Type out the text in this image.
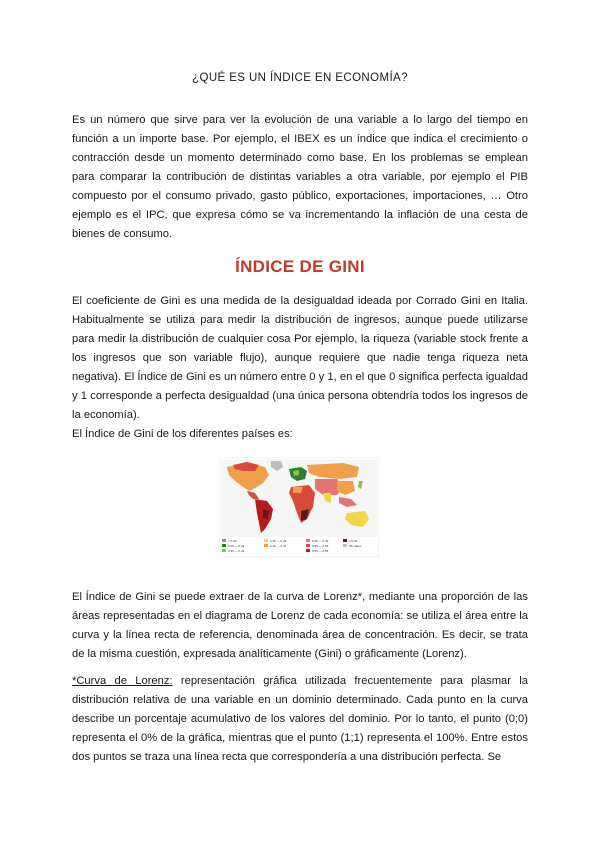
¿QUÉ ES UN ÍNDICE EN ECONOMÍA?

Es un número que sirve para ver la evolución de una variable a lo largo del tiempo en función a un importe base. Por ejemplo, el IBEX es un índice que indica el crecimiento o contracción desde un momento determinado como base. En los problemas se emplean para comparar la contribución de distintas variables a otra variable, por ejemplo el PIB compuesto por el consumo privado, gasto público, exportaciones, importaciones, … Otro ejemplo es el IPC, que expresa cómo se va incrementando la inflación de una cesta de bienes de consumo.

ÍNDICE DE GINI

El coeficiente de Gini es una medida de la desigualdad ideada por Corrado Gini en Italia. Habitualmente se utiliza para medir la distribución de ingresos, aunque puede utilizarse para medir la distribución de cualquier cosa Por ejemplo, la riqueza (variable stock frente a los ingresos que son variable flujo), aunque requiere que nadie tenga riqueza neta negativa). El Índice de Gini es un número entre 0 y 1, en el que 0 significa perfecta igualdad y 1 corresponde a perfecta desigualdad (una única persona obtendría todos los ingresos de la economía).

El Índice de Gini de los diferentes países es:

< 0,25
0,25 — 0,29
0,30 — 0,34
0,35 — 0,39
0,40 — 0,44
0,45 — 0,49
0,50 — 0,54
0,55 — 0,59
≥ 0,60
Sin datos

El Índice de Gini se puede extraer de la curva de Lorenz*, mediante una proporción de las áreas representadas en el diagrama de Lorenz de cada economía: se utiliza el área entre la curva y la línea recta de referencia, denominada área de concentración. Es decir, se trata de la misma cuestión, expresada analíticamente (Gini) o gráficamente (Lorenz).

*Curva de Lorenz: representación gráfica utilizada frecuentemente para plasmar la distribución relativa de una variable en un dominio determinado. Cada punto en la curva describe un porcentaje acumulativo de los valores del dominio. Por lo tanto, el punto (0;0) representa el 0% de la gráfica, mientras que el punto (1;1) representa el 100%. Entre estos dos puntos se traza una línea recta que correspondería a una distribución perfecta. Se
